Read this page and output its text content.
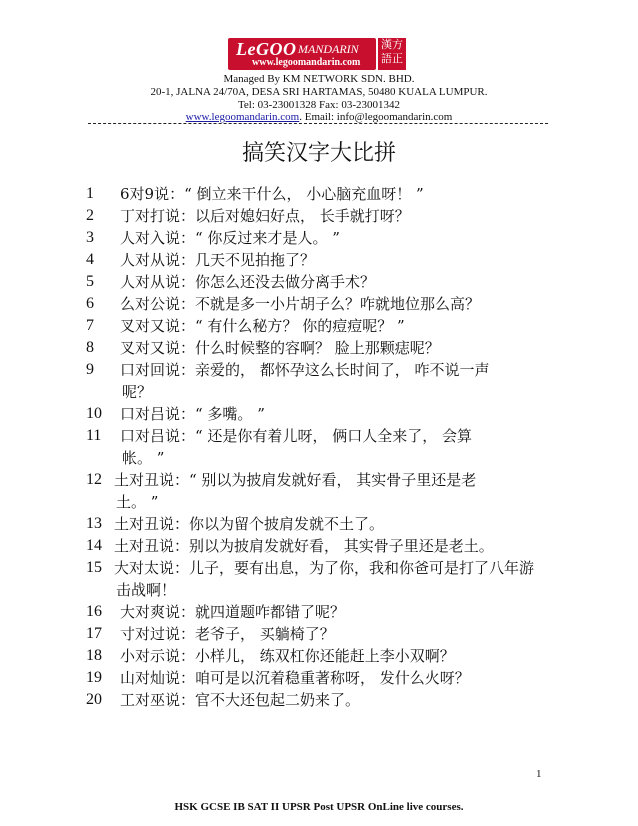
LeGOO MANDARIN
www.legoomandarin.com
漢方
語正
Managed By KM NETWORK SDN. BHD.
20-1, JALNA 24/70A, DESA SRI HARTAMAS, 50480 KUALA LUMPUR.
Tel: 03-23001328 Fax: 03-23001342
www.legoomandarin.com. Email: info@legoomandarin.com
搞笑汉字大比拼
1	6对9说：“ 倒立来干什么， 小心脑充血呀！ ”
2	丁对打说：以后对媳妇好点， 长手就打呀？
3	人对入说：“ 你反过来才是人。 ”
4	人对从说：几天不见拍拖了？
5	人对从说：你怎么还没去做分离手术？
6	么对公说：不就是多一小片胡子么？咋就地位那么高？
7	叉对又说：“ 有什么秘方？ 你的痘痘呢？ ”
8	叉对又说：什么时候整的容啊？ 脸上那颗痣呢？
9	口对回说：亲爱的， 都怀孕这么长时间了， 咋不说一声
呢？
10	口对吕说：“ 多嘴。 ”
11	口对吕说：“ 还是你有着儿呀， 俩口人全来了， 会算
帐。 ”
12 土对丑说：“ 别以为披肩发就好看， 其实骨子里还是老
土。 ”
13 土对丑说：你以为留个披肩发就不土了。
14 土对丑说：别以为披肩发就好看， 其实骨子里还是老土。
15 大对太说：儿子，要有出息，为了你，我和你爸可是打了八年游
击战啊！
16	大对爽说：就四道题咋都错了呢？
17	寸对过说：老爷子， 买躺椅了？
18	小对示说：小样儿， 练双杠你还能赶上李小双啊？
19	山对灿说：咱可是以沉着稳重著称呀， 发什么火呀？
20	工对巫说：官不大还包起二奶来了。
1
HSK GCSE IB SAT II UPSR Post UPSR OnLine live courses.
